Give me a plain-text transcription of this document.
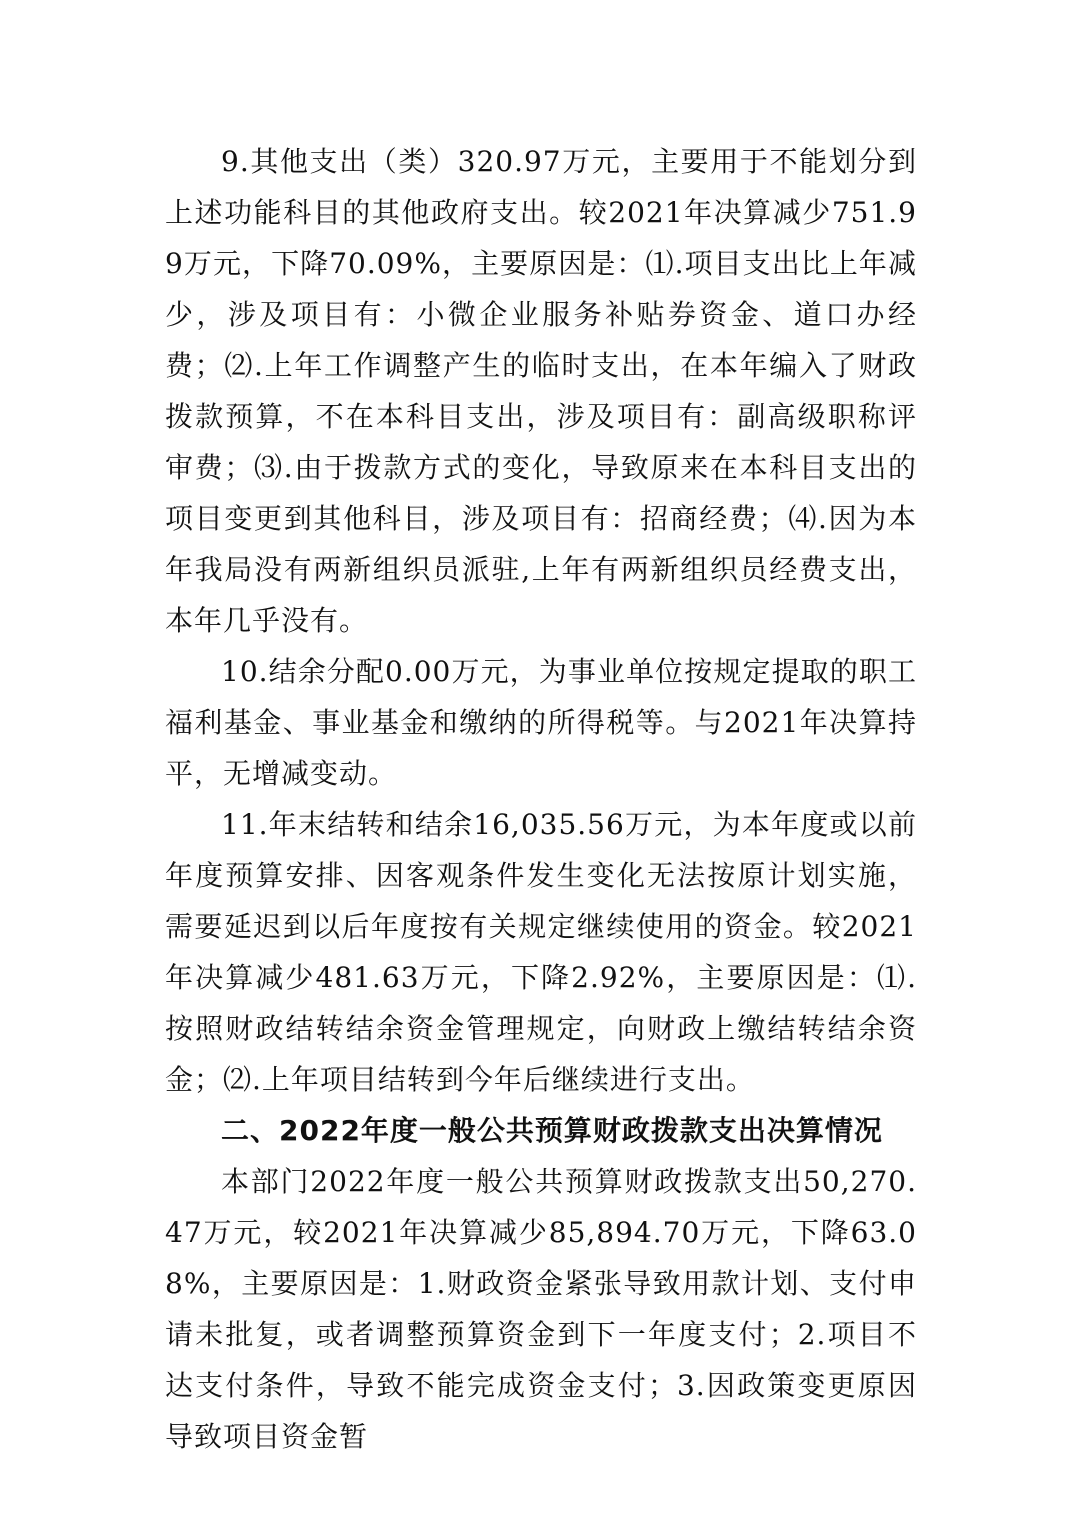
9.其他支出（类）320.97万元，主要用于不能划分到上述功能科目的其他政府支出。较2021年决算减少751.99万元，下降70.09%，主要原因是：⑴.项目支出比上年减少，涉及项目有：小微企业服务补贴券资金、道口办经费；⑵.上年工作调整产生的临时支出，在本年编入了财政拨款预算，不在本科目支出，涉及项目有：副高级职称评审费；⑶.由于拨款方式的变化，导致原来在本科目支出的项目变更到其他科目，涉及项目有：招商经费；⑷.因为本年我局没有两新组织员派驻,上年有两新组织员经费支出，本年几乎没有。

10.结余分配0.00万元，为事业单位按规定提取的职工福利基金、事业基金和缴纳的所得税等。与2021年决算持平，无增减变动。

11.年末结转和结余16,035.56万元，为本年度或以前年度预算安排、因客观条件发生变化无法按原计划实施，需要延迟到以后年度按有关规定继续使用的资金。较2021年决算减少481.63万元，下降2.92%，主要原因是：⑴.按照财政结转结余资金管理规定，向财政上缴结转结余资金；⑵.上年项目结转到今年后继续进行支出。

二、2022年度一般公共预算财政拨款支出决算情况

本部门2022年度一般公共预算财政拨款支出50,270.47万元，较2021年决算减少85,894.70万元，下降63.08%，主要原因是：1.财政资金紧张导致用款计划、支付申请未批复，或者调整预算资金到下一年度支付；2.项目不达支付条件，导致不能完成资金支付；3.因政策变更原因导致项目资金暂
